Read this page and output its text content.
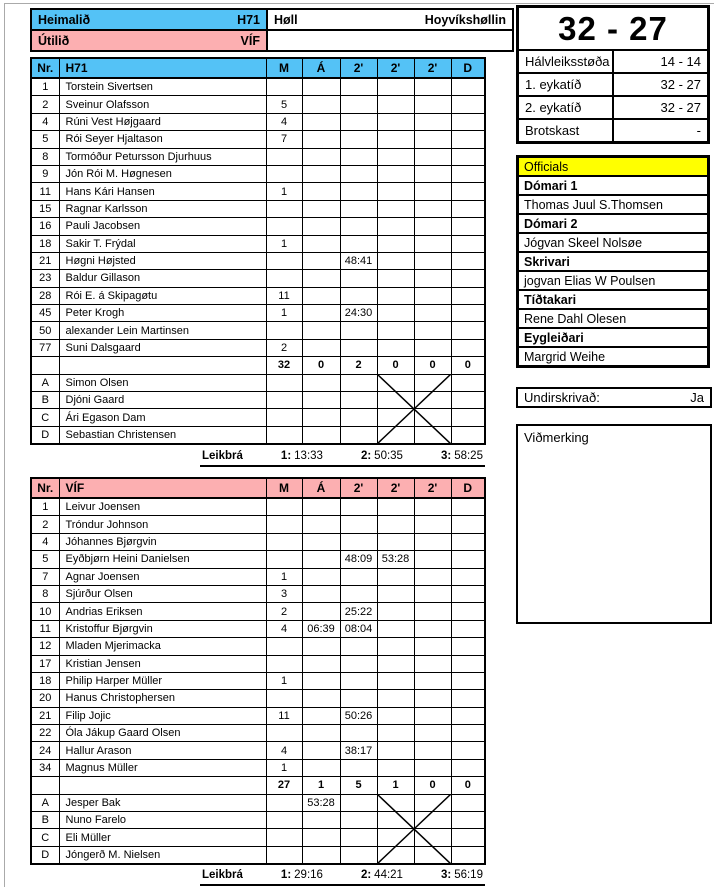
Heimalið H71	Høll Hoyvíkshøllin

Útilið VÍF	

Nr.	H71	M	Á	2'	2'	2'	D
1	Torstein Sivertsen						
2	Sveinur Olafsson	5					
4	Rúni Vest Højgaard	4					
5	Rói Seyer Hjaltason	7					
8	Tormóður Petursson Djurhuus						
9	Jón Rói M. Høgnesen						
11	Hans Kári Hansen	1					
15	Ragnar Karlsson						
16	Pauli Jacobsen						
18	Sakir T. Frýdal	1					
21	Høgni Højsted			48:41			
23	Baldur Gillason						
28	Rói E. á Skipagøtu	11					
45	Peter Krogh	1		24:30			
50	alexander Lein Martinsen						
77	Suni Dalsgaard	2					
		32	0	2	0	0	0
A	Simon Olsen						
B	Djóni Gaard						
C	Ári Egason Dam						
D	Sebastian Christensen						
Leikbrá	1: 13:33	2: 50:35	3: 58:25
Nr.	VÍF	M	Á	2'	2'	2'	D
1	Leivur Joensen						
2	Tróndur Johnson						
4	Jóhannes Bjørgvin						
5	Eyðbjørn Heini Danielsen			48:09	53:28		
7	Agnar Joensen	1					
8	Sjúrður Olsen	3					
10	Andrias Eriksen	2		25:22			
11	Kristoffur Bjørgvin	4	06:39	08:04			
12	Mladen Mjerimacka						
17	Kristian Jensen						
18	Philip Harper Müller	1					
20	Hanus Christophersen						
21	Filip Jojic	11		50:26			
22	Óla Jákup Gaard Olsen						
24	Hallur Arason	4		38:17			
34	Magnus Müller	1					
		27	1	5	1	0	0
A	Jesper Bak		53:28				
B	Nuno Farelo						
C	Eli Müller						
D	Jóngerð M. Nielsen						
Leikbrá	1: 29:16	2: 44:21	3: 56:19
32 - 27	
Hálvleiksstøða	14 - 14
1. eykatíð	32 - 27
2. eykatíð	32 - 27
Brotskast	-
Officials
Dómari 1
Thomas Juul S.Thomsen
Dómari 2
Jógvan Skeel Nolsøe
Skrivari
jogvan Elias W Poulsen
Tíðtakari
Rene Dahl Olesen
Eygleiðari
Margrid Weihe
Undirskrivað:	Ja
Viðmerking
